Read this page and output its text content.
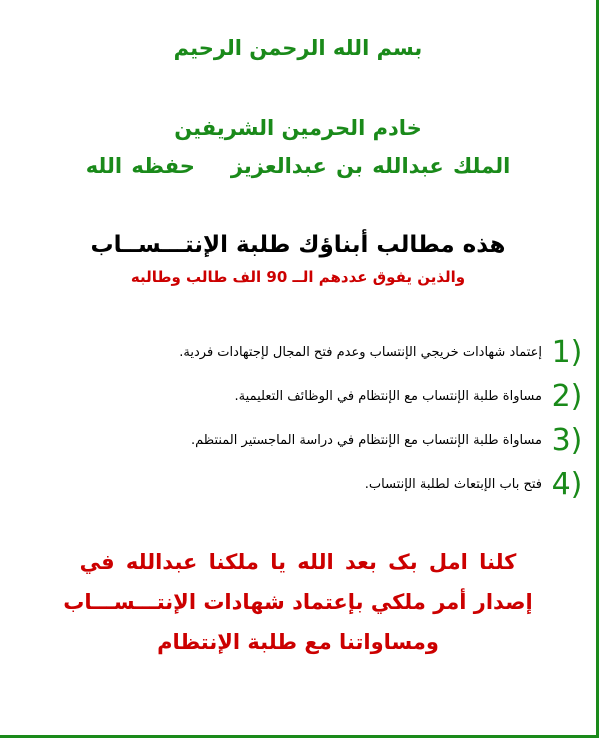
بسم الله الرحمن الرحيم
خادم الحرمين الشريفين
الملك عبدالله بن عبدالعزيزحفظه الله
هذه مطالب أبناؤك طلبة الإنتـــســاب
والذين يفوق عددهم الــ 90 الف طالب وطالبه
1)
إعتماد شهادات خريجي الإنتساب وعدم فتح المجال لإجتهادات فردية.
2)
مساواة طلبة الإنتساب مع الإنتظام في الوظائف التعليمية.
3)
مساواة طلبة الإنتساب مع الإنتظام في دراسة الماجستير المنتظم.
4)
فتح باب الإبتعاث لطلبة الإنتساب.
كلنا امل بک بعد الله يا ملكنا عبدالله في
إصدار أمر ملكي بإعتماد شهادات الإنتـــســـاب
ومساواتنا مع طلبة الإنتظام
